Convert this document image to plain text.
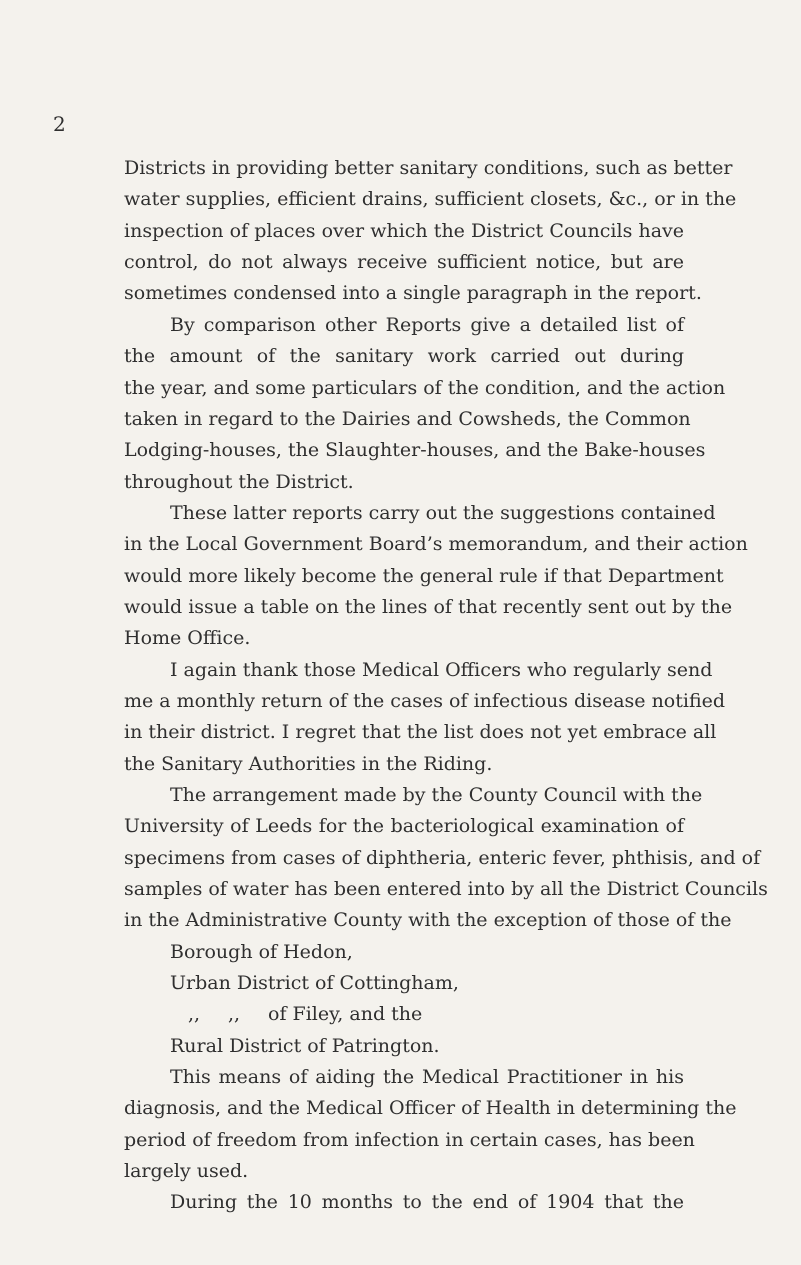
2
Districts in providing better sanitary conditions, such as better
water supplies, efficient drains, sufficient closets, &c., or in the
inspection of places over which the District Councils have
control, do not always receive sufficient notice, but are
sometimes condensed into a single paragraph in the report.
By comparison other Reports give a detailed list of
the amount of the sanitary work carried out during
the year, and some particulars of the condition, and the action
taken in regard to the Dairies and Cowsheds, the Common
Lodging-houses, the Slaughter-houses, and the Bake-houses
throughout the District.
These latter reports carry out the suggestions contained
in the Local Government Board’s memorandum, and their action
would more likely become the general rule if that Department
would issue a table on the lines of that recently sent out by the
Home Office.
I again thank those Medical Officers who regularly send
me a monthly return of the cases of infectious disease notified
in their district. I regret that the list does not yet embrace all
the Sanitary Authorities in the Riding.
The arrangement made by the County Council with the
University of Leeds for the bacteriological examination of
specimens from cases of diphtheria, enteric fever, phthisis, and of
samples of water has been entered into by all the District Councils
in the Administrative County with the exception of those of the
Borough of Hedon,
Urban District of Cottingham,
,, ,, of Filey, and the
Rural District of Patrington.
This means of aiding the Medical Practitioner in his
diagnosis, and the Medical Officer of Health in determining the
period of freedom from infection in certain cases, has been
largely used.
During the 10 months to the end of 1904 that the
